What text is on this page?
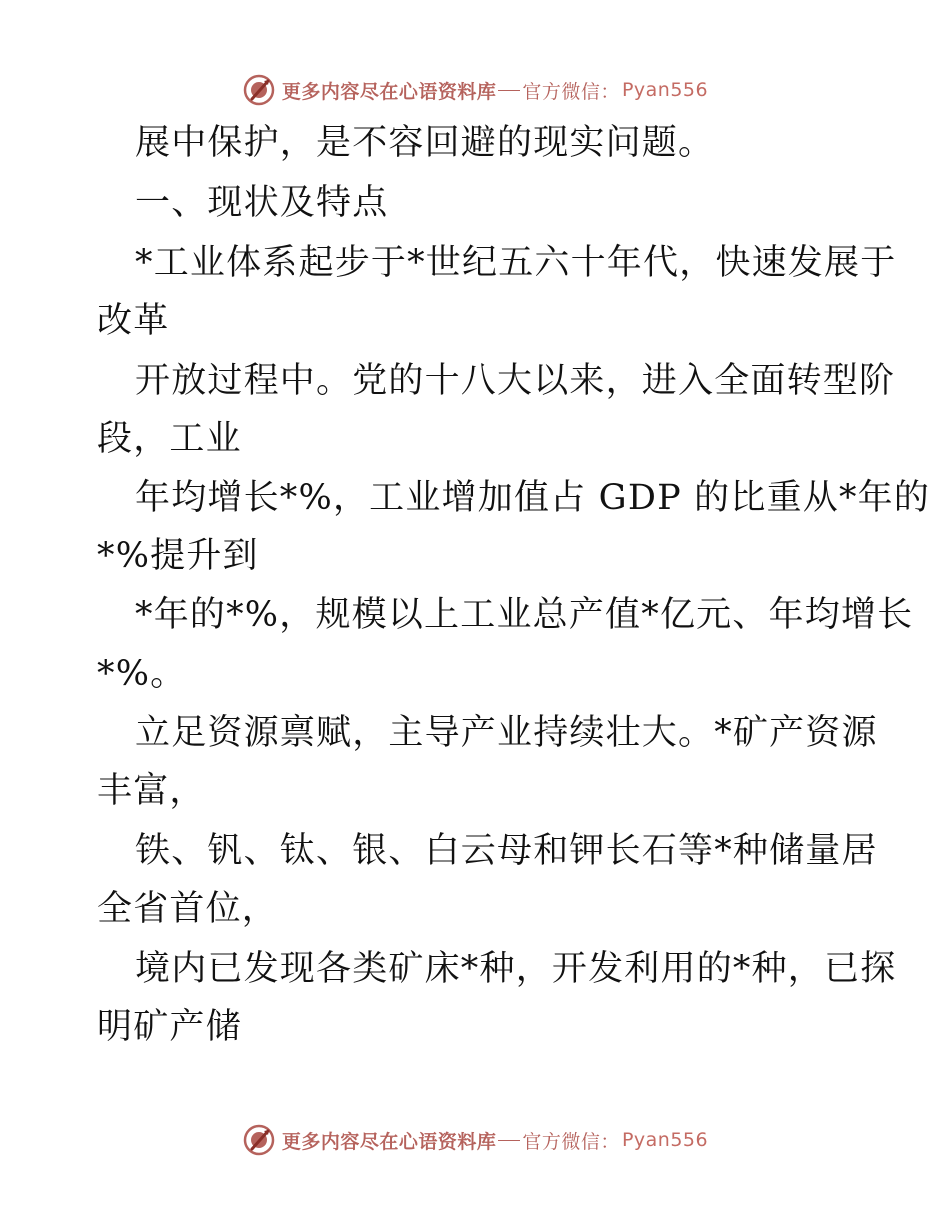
更多内容尽在心语资料库 官方微信： Pyan556
展中保护，是不容回避的现实问题。
一、现状及特点
*工业体系起步于*世纪五六十年代，快速发展于
改革
开放过程中。党的十八大以来，进入全面转型阶
段，工业
年均增长*%，工业增加值占 GDP 的比重从*年的
*%提升到
*年的*%，规模以上工业总产值*亿元、年均增长
*%。
立足资源禀赋，主导产业持续壮大。*矿产资源
丰富，
铁、钒、钛、银、白云母和钾长石等*种储量居
全省首位，
境内已发现各类矿床*种，开发利用的*种，已探
明矿产储
更多内容尽在心语资料库 官方微信： Pyan556
